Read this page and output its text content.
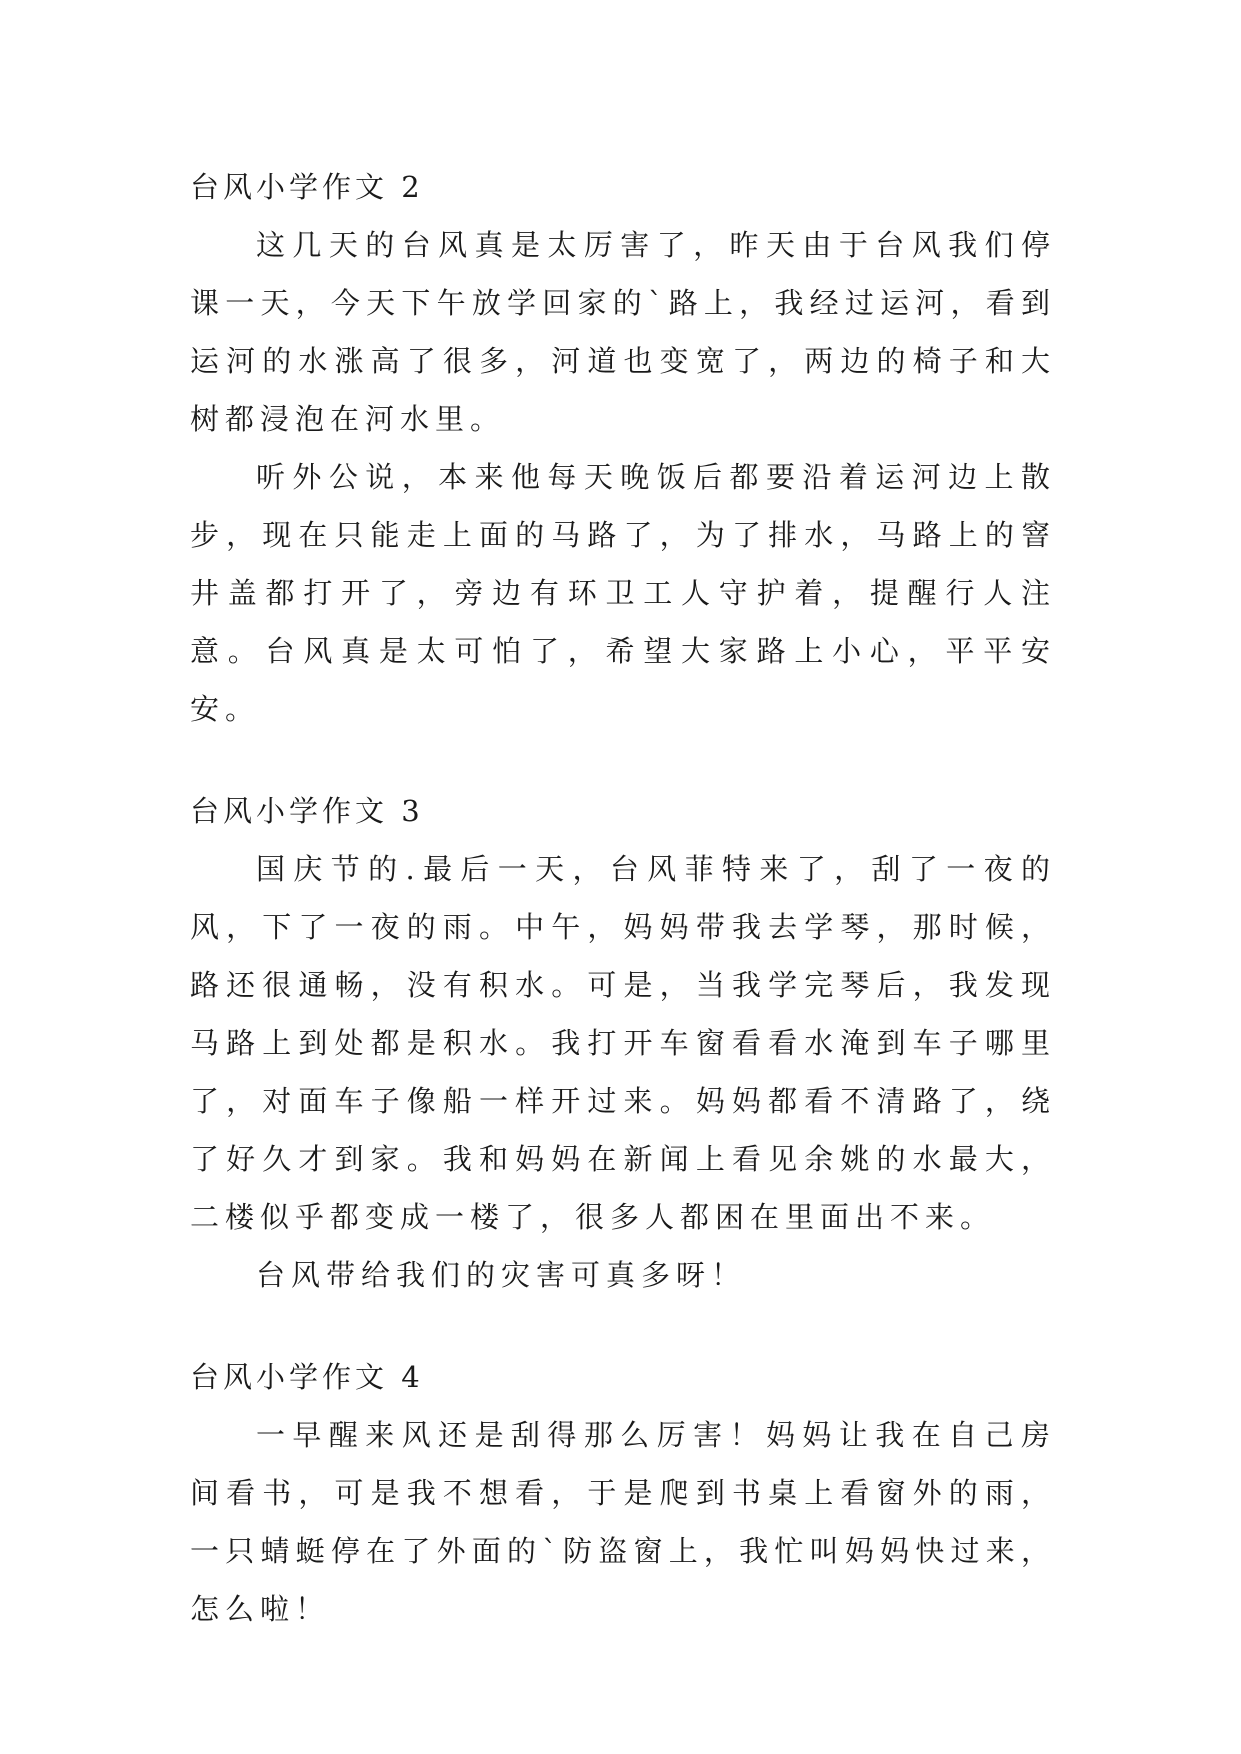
台风小学作文 2
这几天的台风真是太厉害了，昨天由于台风我们停课一天，今天下午放学回家的`路上，我经过运河，看到运河的水涨高了很多，河道也变宽了，两边的椅子和大树都浸泡在河水里。
听外公说，本来他每天晚饭后都要沿着运河边上散步，现在只能走上面的马路了，为了排水，马路上的窨井盖都打开了，旁边有环卫工人守护着，提醒行人注意。台风真是太可怕了，希望大家路上小心，平平安安。
台风小学作文 3
国庆节的.最后一天，台风菲特来了，刮了一夜的风，下了一夜的雨。中午，妈妈带我去学琴，那时候，路还很通畅，没有积水。可是，当我学完琴后，我发现马路上到处都是积水。我打开车窗看看水淹到车子哪里了，对面车子像船一样开过来。妈妈都看不清路了，绕了好久才到家。我和妈妈在新闻上看见余姚的水最大，二楼似乎都变成一楼了，很多人都困在里面出不来。
台风带给我们的灾害可真多呀！
台风小学作文 4
一早醒来风还是刮得那么厉害！妈妈让我在自己房间看书，可是我不想看，于是爬到书桌上看窗外的雨，一只蜻蜓停在了外面的`防盗窗上，我忙叫妈妈快过来，怎么啦！
